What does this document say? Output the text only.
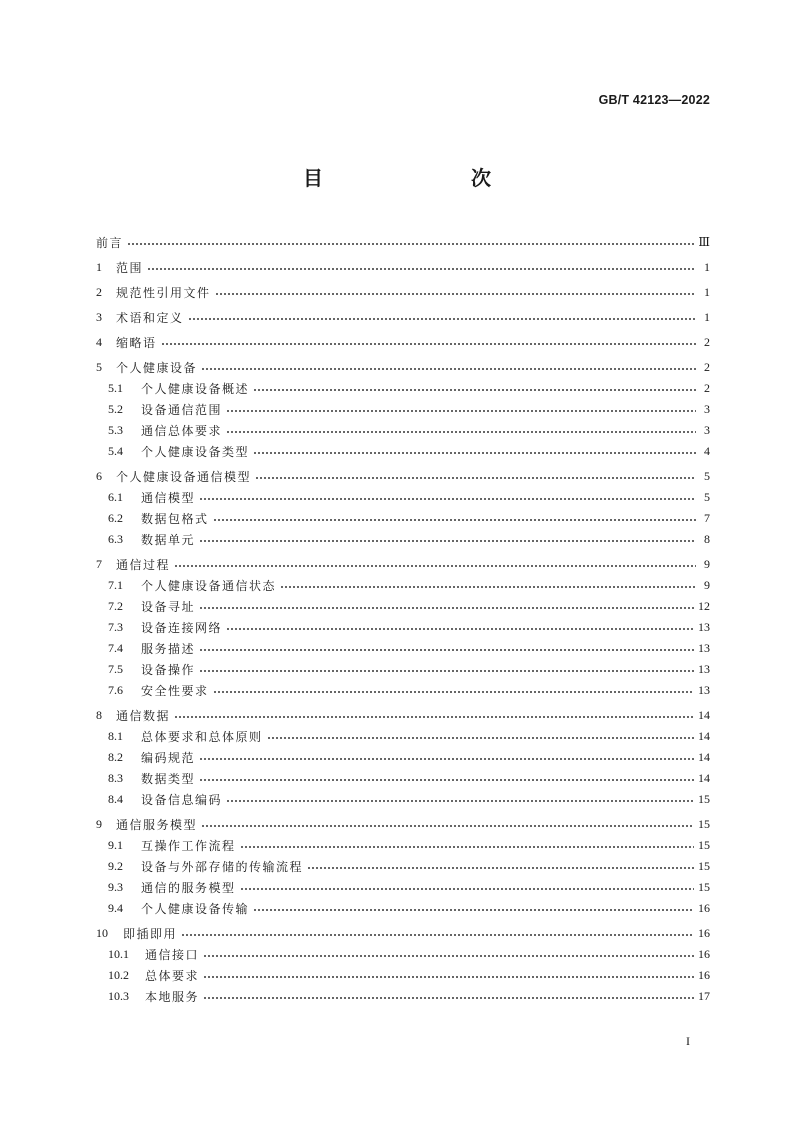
GB/T 42123—2022
目　　次
前言	Ⅲ
1	范围	1
2	规范性引用文件	1
3	术语和定义	1
4	缩略语	2
5	个人健康设备	2
5.1	个人健康设备概述	2
5.2	设备通信范围	3
5.3	通信总体要求	3
5.4	个人健康设备类型	4
6	个人健康设备通信模型	5
6.1	通信模型	5
6.2	数据包格式	7
6.3	数据单元	8
7	通信过程	9
7.1	个人健康设备通信状态	9
7.2	设备寻址	12
7.3	设备连接网络	13
7.4	服务描述	13
7.5	设备操作	13
7.6	安全性要求	13
8	通信数据	14
8.1	总体要求和总体原则	14
8.2	编码规范	14
8.3	数据类型	14
8.4	设备信息编码	15
9	通信服务模型	15
9.1	互操作工作流程	15
9.2	设备与外部存储的传输流程	15
9.3	通信的服务模型	15
9.4	个人健康设备传输	16
10	即插即用	16
10.1	通信接口	16
10.2	总体要求	16
10.3	本地服务	17
I
